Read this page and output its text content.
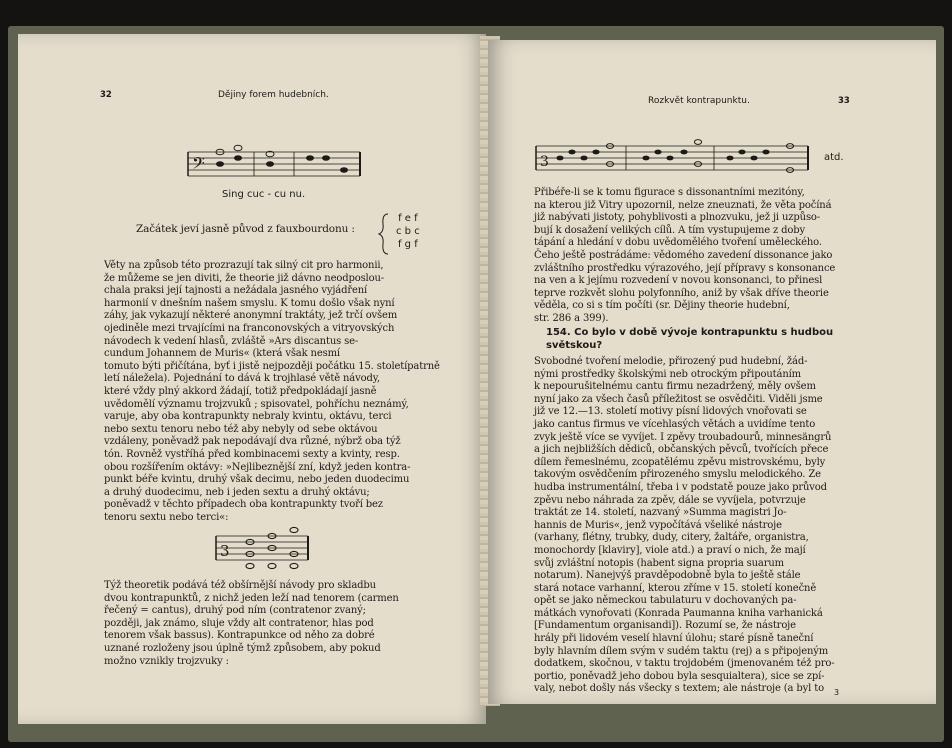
32	Dějiny forem hudebních.
𝄢
Sing cuc - cu nu.
Začátek jeví jasně původ z fauxbourdonu :
f e f
c b c
f g f
Věty na způsob této prozrazují tak silný cit pro harmonii,
že můžeme se jen diviti, že theorie již dávno neodposlou-
chala praksi její tajnosti a nežádala jasného vyjádření
harmonií v dnešním našem smyslu. K tomu došlo však nyní
záhy, jak vykazují některé anonymní traktáty, jež trčí ovšem
ojediněle mezi trvajícími na franconovských a vitryovských
návodech k vedení hlasů, zvláště »Ars discantus se-
cundum Johannem de Muris« (která však nesmí
tomuto býti přičítána, byť i jistě nejpozději počátku 15. stoletípatrně
letí náležela). Pojednání to dává k trojhlasé větě návody,
které vždy plný akkord žádají, totiž předpokládají jasně
uvědomělí významu trojzvuků ; spisovatel, pohříchu neznámý,
varuje, aby oba kontrapunkty nebraly kvintu, oktávu, terci
nebo sextu tenoru nebo též aby nebyly od sebe oktávou
vzdáleny, poněvadž pak nepodávají dva různé, nýbrž oba týž
tón. Rovněž vystříhá před kombinacemi sexty a kvinty, resp.
obou rozšířením oktávy: »Nejlibeznější zní, když jeden kontra-
punkt béře kvintu, druhý však decimu, nebo jeden duodecimu
a druhý duodecimu, neb i jeden sextu a druhý oktávu;
poněvadž v těchto případech oba kontrapunkty tvoří bez
tenoru sextu nebo terci«:
3
Týž theoretik podává též obšírnější návody pro skladbu
dvou kontrapunktů, z nichž jeden leží nad tenorem (carmen
řečený = cantus), druhý pod ním (contratenor zvaný;
později, jak známo, sluje vždy alt contratenor, hlas pod
tenorem však bassus). Kontrapunkce od něho za dobré
uznané rozloženy jsou úplně týmž způsobem, aby pokud
možno vznikly trojzvuky :
Rozkvět kontrapunktu.	33
3	atd.
Přibéře-li se k tomu figurace s dissonantními mezitóny,
na kterou již Vitry upozornil, nelze zneuznati, že věta počíná
již nabývati jistoty, pohyblivosti a plnozvuku, jež ji uzpůso-
bují k dosažení velikých cílů. A tím vystupujeme z doby
tápání a hledání v dobu uvědomělého tvoření uměleckého.
Čeho ještě postrádáme: vědomého zavedení dissonance jako
zvláštního prostředku výrazového, její přípravy s konsonance
na ven a k jejímu rozvedení v novou konsonanci, to přinesl
teprve rozkvět slohu polyfonního, aniž by však dříve theorie
věděla, co si s tím počíti (sr. Dějiny theorie hudební,
str. 286 a 399).
154. Co bylo v době vývoje kontrapunktu s hudbou
světskou?
Svobodné tvoření melodie, přirozený pud hudební, žád-
nými prostředky školskými neb otrockým připoutáním
k nepourušitelnému cantu firmu nezadržený, měly ovšem
nyní jako za všech časů příležitost se osvědčiti. Viděli jsme
již ve 12.—13. století motivy písní lidových vnořovati se
jako cantus firmus ve vícehlasých větách a uvidíme tento
zvyk ještě více se vyvíjet. I zpěvy troubadourů, minnesängrů
a jich nejbližších dědiců, občanských pěvců, tvořících přece
dílem řemeslnému, zcopatělému zpěvu mistrovskému, byly
takovým osvědčením přirozeného smyslu melodického. Ze
hudba instrumentální, třeba i v podstatě pouze jako průvod
zpěvu nebo náhrada za zpěv, dále se vyvíjela, potvrzuje
traktát ze 14. století, nazvaný »Summa magistri Jo-
hannis de Muris«, jenž vypočítává všeliké nástroje
(varhany, flétny, trubky, dudy, citery, žaltáře, organistra,
monochordy [klaviry], viole atd.) a praví o nich, že mají
svůj zvláštní notopis (habent signa propria suarum
notarum). Nanejvýš pravděpodobně byla to ještě stále
stará notace varhanní, kterou zříme v 15. století konečně
opět se jako německou tabulaturu v dochovaných pa-
mátkách vynořovati (Konrada Paumanna kniha varhanická
[Fundamentum organisandi]). Rozumí se, že nástroje
hrály při lidovém veselí hlavní úlohu; staré písně taneční
byly hlavním dílem svým v sudém taktu (rej) a s připojeným
dodatkem, skočnou, v taktu trojdobém (jmenovaném též pro-
portio, poněvadž jeho dobou byla sesquialtera), sice se zpí-
valy, nebot došly nás všecky s textem; ale nástroje (a byl to	3
